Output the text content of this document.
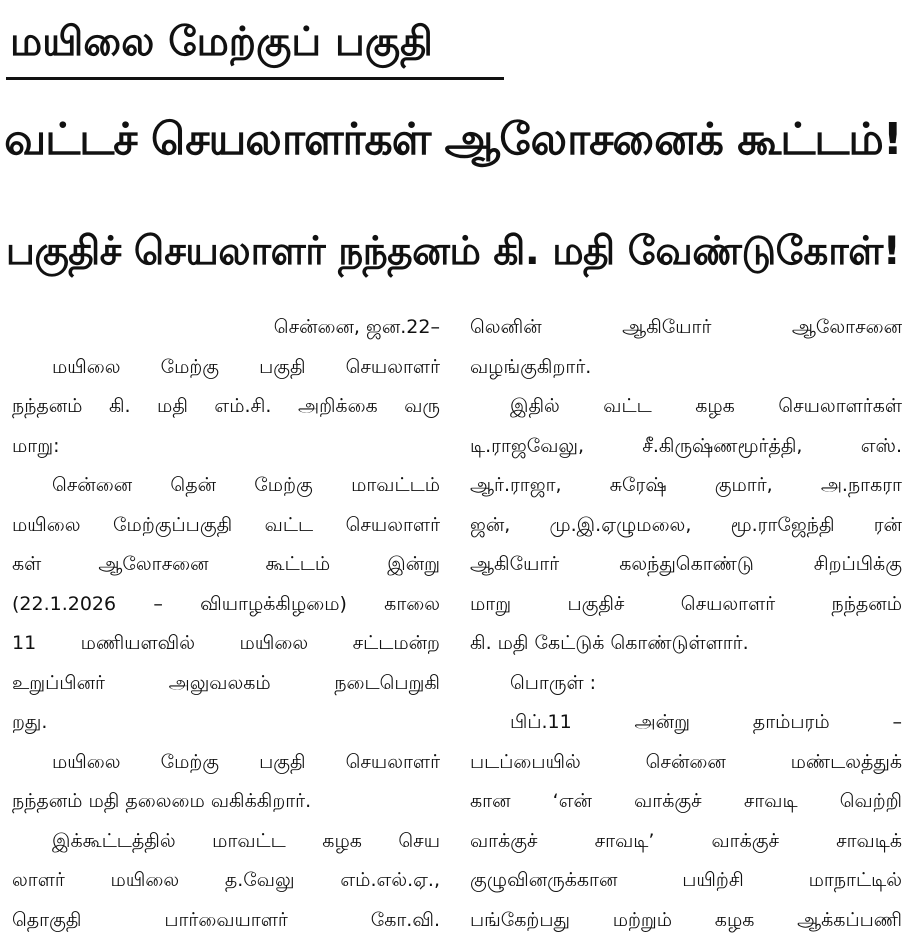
மயிலை மேற்குப் பகுதி
வட்டச் செயலாளர்கள் ஆலோசனைக் கூட்டம்!
பகுதிச் செயலாளர் நந்தனம் கி. மதி வேண்டுகோள்!
சென்னை, ஜன.22–
மயிலை மேற்கு பகுதி செயலாளர்
நந்தனம் கி. மதி எம்.சி. அறிக்கை வரு
மாறு:
சென்னை தென் மேற்கு மாவட்டம்
மயிலை மேற்குப்பகுதி வட்ட செயலாளர்
கள் ஆலோசனை கூட்டம் இன்று
(22.1.2026 – வியாழக்கிழமை) காலை
11 மணியளவில் மயிலை சட்டமன்ற
உறுப்பினர் அலுவலகம் நடைபெறுகி
றது.
மயிலை மேற்கு பகுதி செயலாளர்
நந்தனம் மதி தலைமை வகிக்கிறார்.
இக்கூட்டத்தில் மாவட்ட கழக செய
லாளர் மயிலை த.வேலு எம்.எல்.ஏ.,
தொகுதி பார்வையாளர் கோ.வி.
லெனின் ஆகியோர் ஆலோசனை
வழங்குகிறார்.
இதில் வட்ட கழக செயலாளர்கள்
டி.ராஜவேலு, சீ.கிருஷ்ணமூர்த்தி, எஸ்.
ஆர்.ராஜா, சுரேஷ் குமார், அ.நாகரா
ஜன், மு.இ.ஏழுமலை, மூ.ராஜேந்தி ரன்
ஆகியோர் கலந்துகொண்டு சிறப்பிக்கு
மாறு பகுதிச் செயலாளர் நந்தனம்
கி. மதி கேட்டுக் கொண்டுள்ளார்.
பொருள் :
பிப்.11 அன்று தாம்பரம் –
படப்பையில் சென்னை மண்டலத்துக்
கான ‘என் வாக்குச் சாவடி வெற்றி
வாக்குச் சாவடி’ வாக்குச் சாவடிக்
குழுவினருக்கான பயிற்சி மாநாட்டில்
பங்கேற்பது மற்றும் கழக ஆக்கப்பணி
